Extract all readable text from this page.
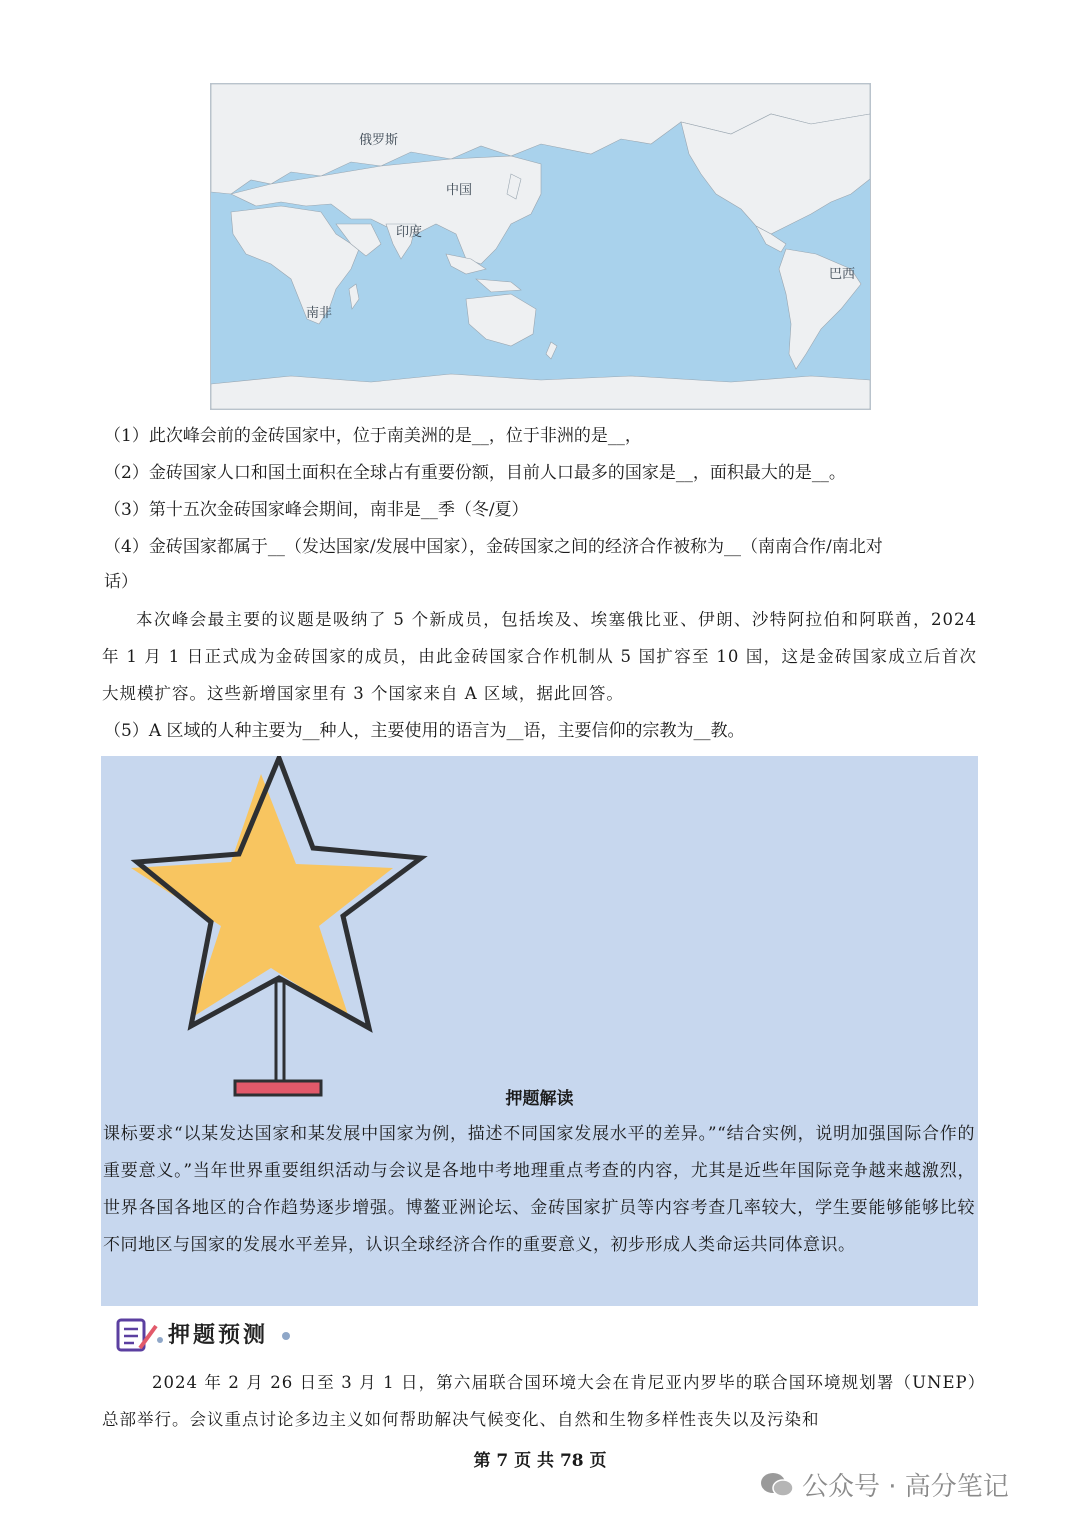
俄罗斯
中国
印度
巴西
南非
（1）此次峰会前的金砖国家中，位于南美洲的是__，位于非洲的是__，
（2）金砖国家人口和国土面积在全球占有重要份额，目前人口最多的国家是__，面积最大的是__。
（3）第十五次金砖国家峰会期间，南非是__季（冬/夏）
（4）金砖国家都属于__（发达国家/发展中国家），金砖国家之间的经济合作被称为__（南南合作/南北对
话）

本次峰会最主要的议题是吸纳了 5 个新成员，包括埃及、埃塞俄比亚、伊朗、沙特阿拉伯和阿联酋，2024 年 1 月 1 日正式成为金砖国家的成员，由此金砖国家合作机制从 5 国扩容至 10 国，这是金砖国家成立后首次大规模扩容。这些新增国家里有 3 个国家来自 A 区域，据此回答。

（5）A 区域的人种主要为__种人，主要使用的语言为__语，主要信仰的宗教为__教。
押题解读
课标要求“以某发达国家和某发展中国家为例，描述不同国家发展水平的差异。”“结合实例，说明加强国际合作的重要意义。”当年世界重要组织活动与会议是各地中考地理重点考查的内容，尤其是近些年国际竞争越来越激烈，世界各国各地区的合作趋势逐步增强。博鳌亚洲论坛、金砖国家扩员等内容考查几率较大，学生要能够能够比较不同地区与国家的发展水平差异，认识全球经济合作的重要意义，初步形成人类命运共同体意识。
押题预测

2024 年 2 月 26 日至 3 月 1 日，第六届联合国环境大会在肯尼亚内罗毕的联合国环境规划署（UNEP）总部举行。会议重点讨论多边主义如何帮助解决气候变化、自然和生物多样性丧失以及污染和

第 7 页 共 78 页
公众号 · 高分笔记
